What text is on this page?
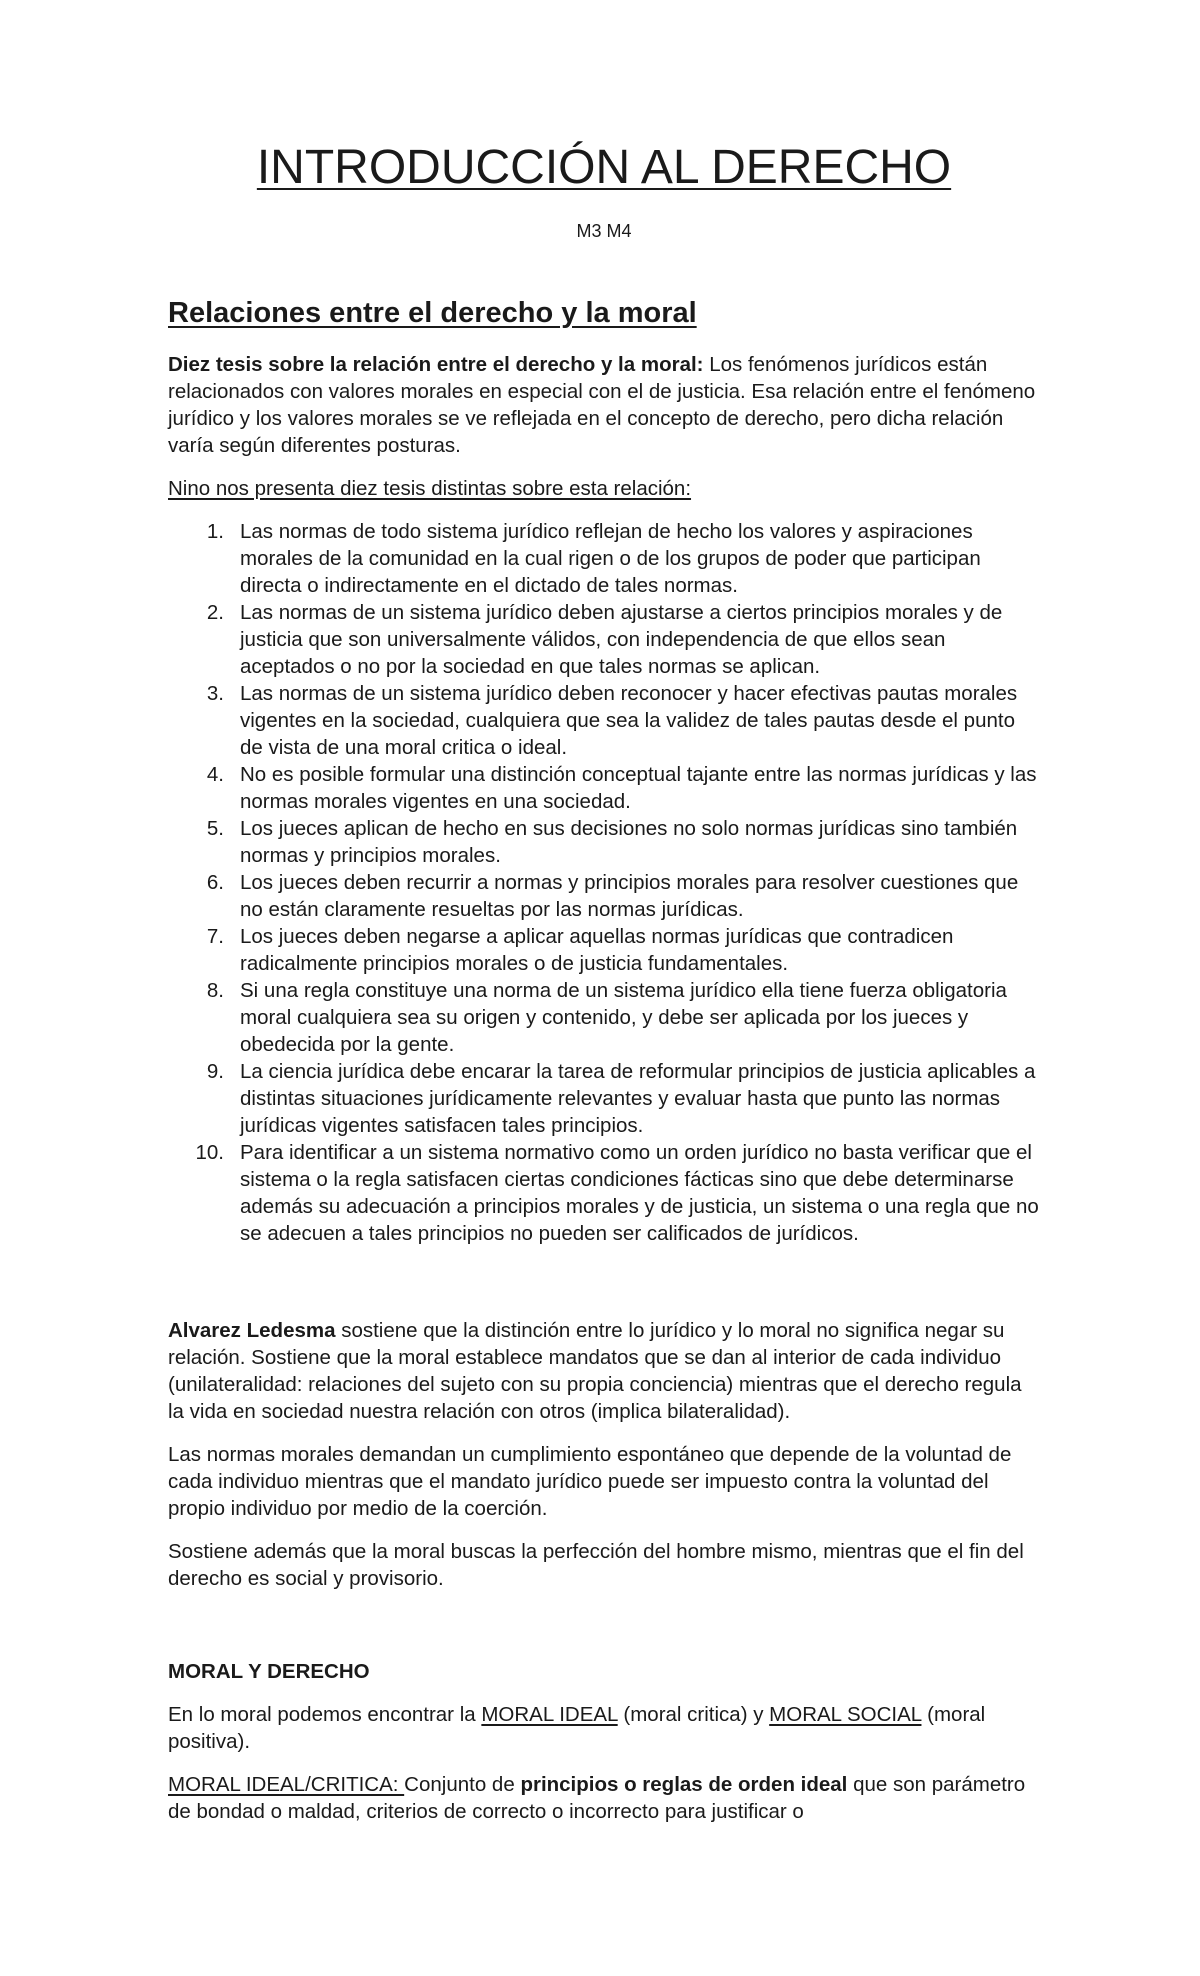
INTRODUCCIÓN AL DERECHO

M3 M4

Relaciones entre el derecho y la moral

Diez tesis sobre la relación entre el derecho y la moral: Los fenómenos jurídicos están relacionados con valores morales en especial con el de justicia. Esa relación entre el fenómeno jurídico y los valores morales se ve reflejada en el concepto de derecho, pero dicha relación varía según diferentes posturas.

Nino nos presenta diez tesis distintas sobre esta relación:

1. Las normas de todo sistema jurídico reflejan de hecho los valores y aspiraciones morales de la comunidad en la cual rigen o de los grupos de poder que participan directa o indirectamente en el dictado de tales normas.
2. Las normas de un sistema jurídico deben ajustarse a ciertos principios morales y de justicia que son universalmente válidos, con independencia de que ellos sean aceptados o no por la sociedad en que tales normas se aplican.
3. Las normas de un sistema jurídico deben reconocer y hacer efectivas pautas morales vigentes en la sociedad, cualquiera que sea la validez de tales pautas desde el punto de vista de una moral critica o ideal.
4. No es posible formular una distinción conceptual tajante entre las normas jurídicas y las normas morales vigentes en una sociedad.
5. Los jueces aplican de hecho en sus decisiones no solo normas jurídicas sino también normas y principios morales.
6. Los jueces deben recurrir a normas y principios morales para resolver cuestiones que no están claramente resueltas por las normas jurídicas.
7. Los jueces deben negarse a aplicar aquellas normas jurídicas que contradicen radicalmente principios morales o de justicia fundamentales.
8. Si una regla constituye una norma de un sistema jurídico ella tiene fuerza obligatoria moral cualquiera sea su origen y contenido, y debe ser aplicada por los jueces y obedecida por la gente.
9. La ciencia jurídica debe encarar la tarea de reformular principios de justicia aplicables a distintas situaciones jurídicamente relevantes y evaluar hasta que punto las normas jurídicas vigentes satisfacen tales principios.
10. Para identificar a un sistema normativo como un orden jurídico no basta verificar que el sistema o la regla satisfacen ciertas condiciones fácticas sino que debe determinarse además su adecuación a principios morales y de justicia, un sistema o una regla que no se adecuen a tales principios no pueden ser calificados de jurídicos.

Alvarez Ledesma sostiene que la distinción entre lo jurídico y lo moral no significa negar su relación. Sostiene que la moral establece mandatos que se dan al interior de cada individuo (unilateralidad: relaciones del sujeto con su propia conciencia) mientras que el derecho regula la vida en sociedad nuestra relación con otros (implica bilateralidad).

Las normas morales demandan un cumplimiento espontáneo que depende de la voluntad de cada individuo mientras que el mandato jurídico puede ser impuesto contra la voluntad del propio individuo por medio de la coerción.

Sostiene además que la moral buscas la perfección del hombre mismo, mientras que el fin del derecho es social y provisorio.

MORAL Y DERECHO

En lo moral podemos encontrar la MORAL IDEAL (moral critica) y MORAL SOCIAL (moral positiva).

MORAL IDEAL/CRITICA: Conjunto de principios o reglas de orden ideal que son parámetro de bondad o maldad, criterios de correcto o incorrecto para justificar o
